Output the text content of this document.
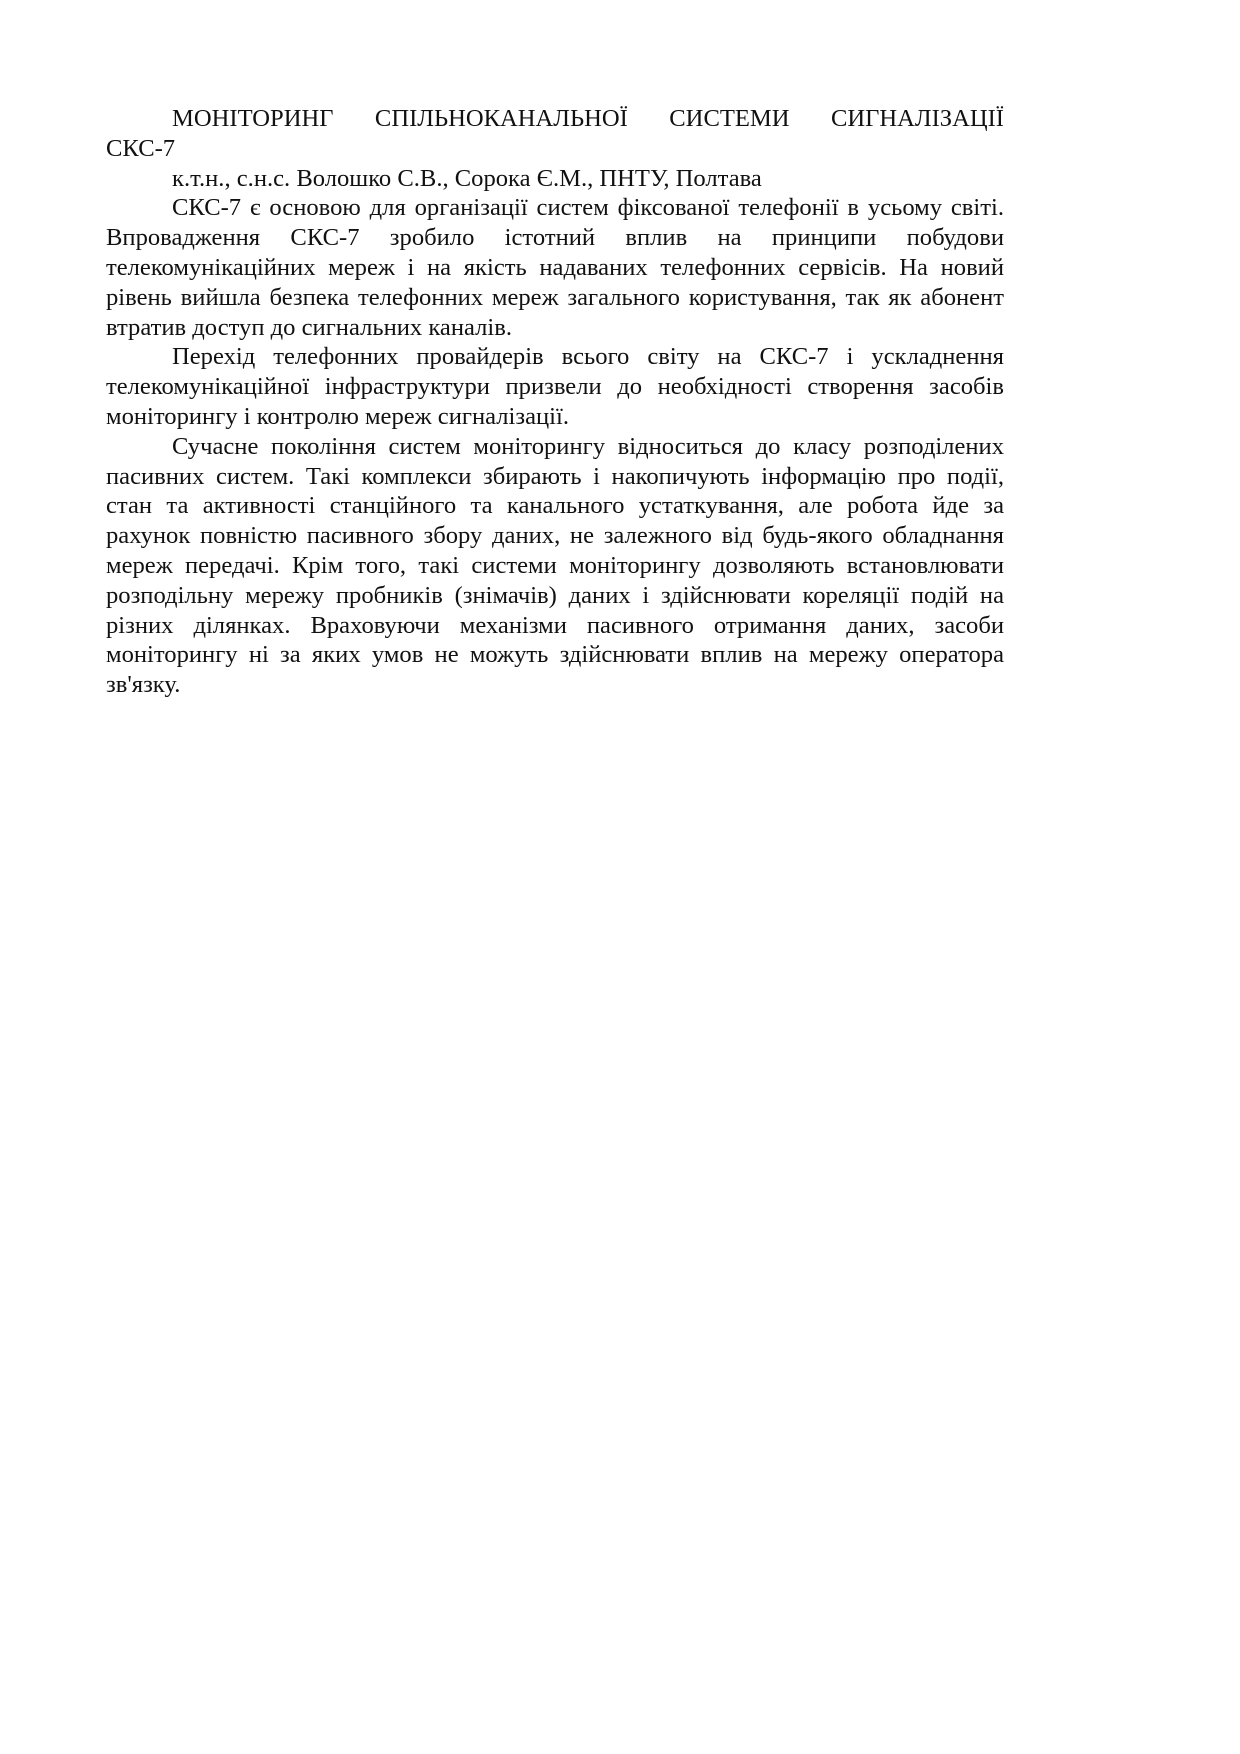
МОНІТОРИНГ СПІЛЬНОКАНАЛЬНОЇ СИСТЕМИ СИГНАЛІЗАЦІЇ СКС-7

к.т.н., с.н.с. Волошко С.В., Сорока Є.М., ПНТУ, Полтава

СКС-7 є основою для організації систем фіксованої телефонії в усьому світі. Впровадження СКС-7 зробило істотний вплив на принципи побудови телекомунікаційних мереж і на якість надаваних телефонних сервісів. На новий рівень вийшла безпека телефонних мереж загального користування, так як абонент втратив доступ до сигнальних каналів.

Перехід телефонних провайдерів всього світу на СКС-7 і ускладнення телекомунікаційної інфраструктури призвели до необхідності створення засобів моніторингу і контролю мереж сигналізації.

Сучасне покоління систем моніторингу відноситься до класу розподілених пасивних систем. Такі комплекси збирають і накопичують інформацію про події, стан та активності станційного та канального устаткування, але робота йде за рахунок повністю пасивного збору даних, не залежного від будь-якого обладнання мереж передачі. Крім того, такі системи моніторингу дозволяють встановлювати розподільну мережу пробників (знімачів) даних і здійснювати кореляції подій на різних ділянках. Враховуючи механізми пасивного отримання даних, засоби моніторингу ні за яких умов не можуть здійснювати вплив на мережу оператора зв'язку.
